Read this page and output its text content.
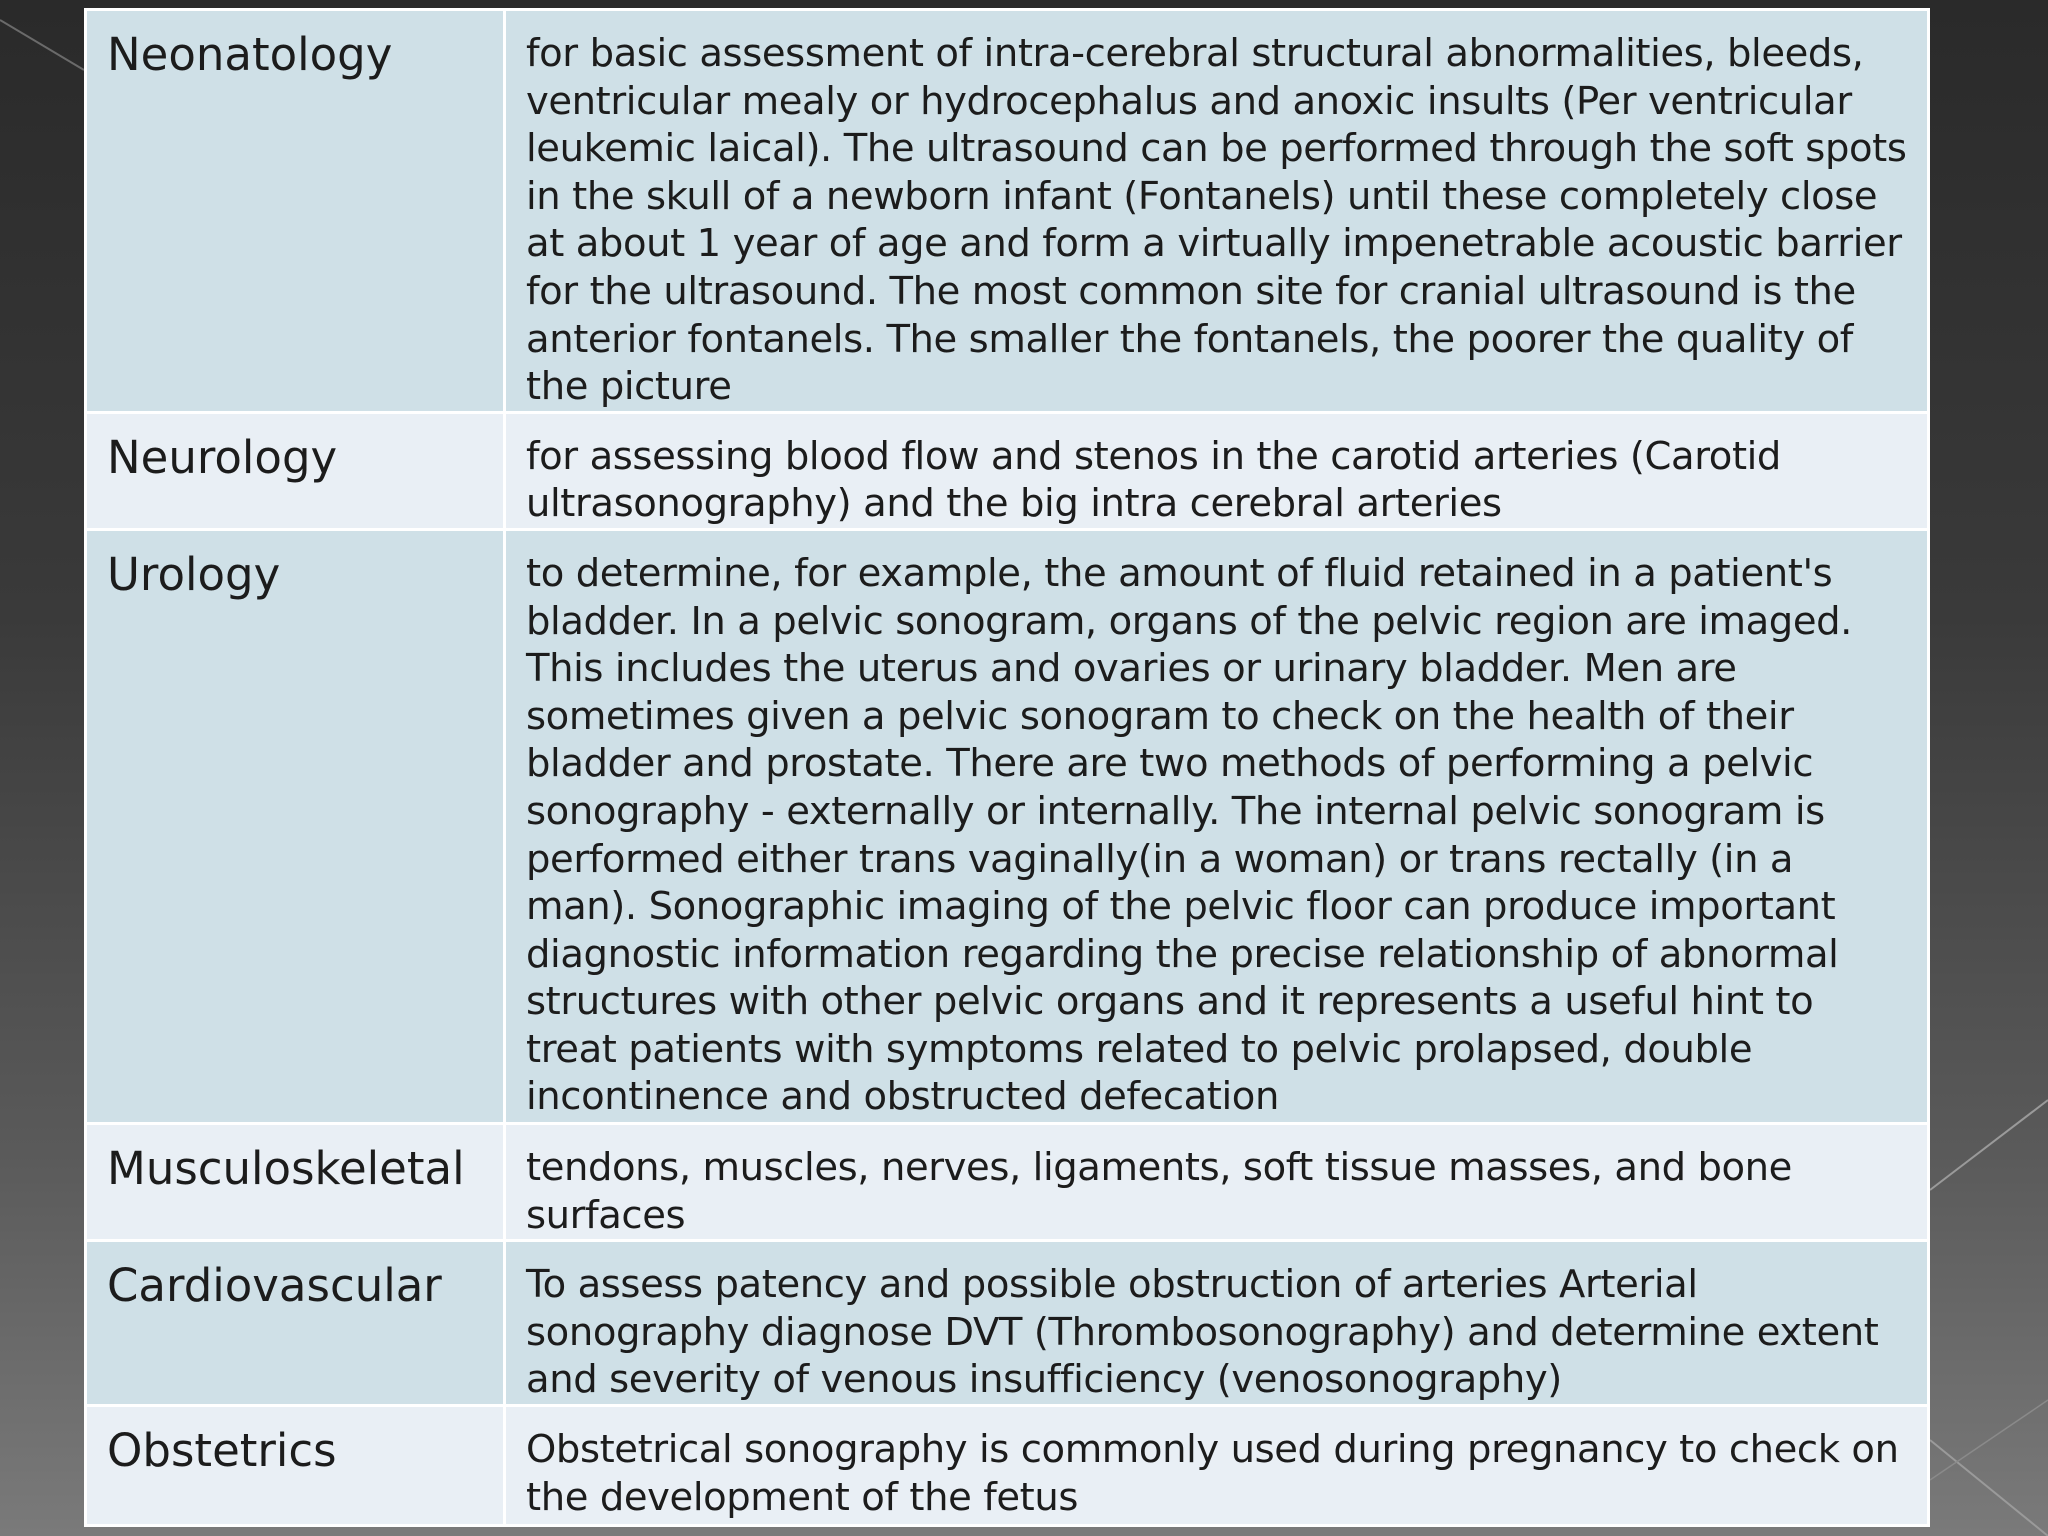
Neonatology	for basic assessment of intra-cerebral structural abnormalities, bleeds, ventricular mealy or hydrocephalus and anoxic insults (Per ventricular leukemic laical). The ultrasound can be performed through the soft spots in the skull of a newborn infant (Fontanels) until these completely close at about 1 year of age and form a virtually impenetrable acoustic barrier for the ultrasound. The most common site for cranial ultrasound is the anterior fontanels. The smaller the fontanels, the poorer the quality of the picture
Neurology	for assessing blood flow and stenos in the carotid arteries (Carotid ultrasonography) and the big intra cerebral arteries
Urology	to determine, for example, the amount of fluid retained in a patient's bladder. In a pelvic sonogram, organs of the pelvic region are imaged. This includes the uterus and ovaries or urinary bladder. Men are sometimes given a pelvic sonogram to check on the health of their bladder and prostate. There are two methods of performing a pelvic sonography - externally or internally. The internal pelvic sonogram is performed either trans vaginally(in a woman) or trans rectally (in a man). Sonographic imaging of the pelvic floor can produce important diagnostic information regarding the precise relationship of abnormal structures with other pelvic organs and it represents a useful hint to treat patients with symptoms related to pelvic prolapsed, double incontinence and obstructed defecation
Musculoskeletal	tendons, muscles, nerves, ligaments, soft tissue masses, and bone surfaces
Cardiovascular	To assess patency and possible obstruction of arteries Arterial sonography diagnose DVT (Thrombosonography) and determine extent and severity of venous insufficiency (venosonography)
Obstetrics	Obstetrical sonography is commonly used during pregnancy to check on the development of the fetus
